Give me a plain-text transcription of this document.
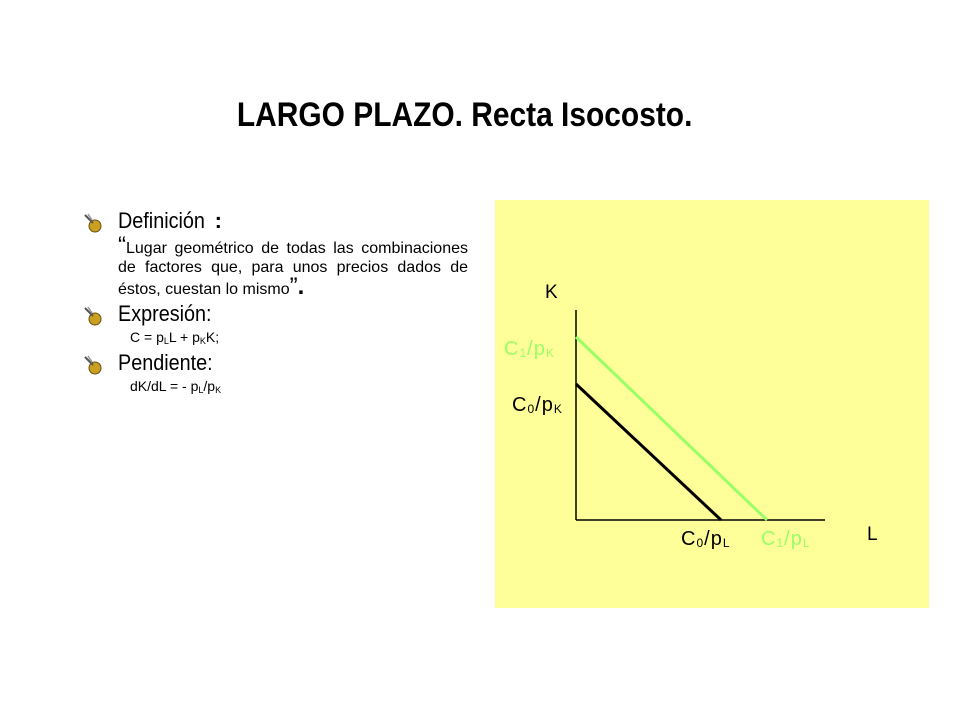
LARGO PLAZO. Recta Isocosto.
Definición :
“Lugar geométrico de todas las combinaciones de factores que, para unos precios dados de éstos, cuestan lo mismo”.
Expresión:
$C = p_LL + p_KK$;
Pendiente:
dK/dL = - $p_L/p_K$
K
L
$C_1/p_K$
$C_0/p_K$
$C_0/p_L$ $C_1/p_L$
